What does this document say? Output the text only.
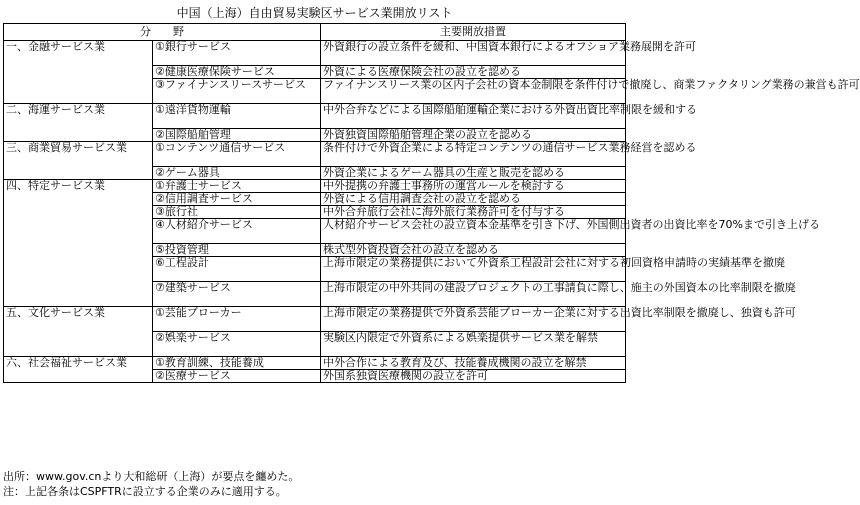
中国（上海）自由貿易実験区サービス業開放リスト
分　　野		主要開放措置
一、金融サービス業	①銀行サービス	外資銀行の設立条件を緩和、中国資本銀行によるオフショア業務展開を許可
	②健康医療保険サービス	外資による医療保険会社の設立を認める
	③ファイナンスリースサービス	ファイナンスリース業の区内子会社の資本金制限を条件付けで撤廃し、商業ファクタリング業務の兼営も許可
二、海運サービス業	①遠洋貨物運輸	中外合弁などによる国際船舶運輸企業における外資出資比率制限を緩和する
	②国際船舶管理	外資独資国際船舶管理企業の設立を認める
三、商業貿易サービス業	①コンテンツ通信サービス	条件付けで外資企業による特定コンテンツの通信サービス業務経営を認める
	②ゲーム器具	外資企業によるゲーム器具の生産と販売を認める
四、特定サービス業	①弁護士サービス	中外提携の弁護士事務所の運営ルールを検討する
	②信用調査サービス	外資による信用調査会社の設立を認める
	③旅行社	中外合弁旅行会社に海外旅行業務許可を付与する
	④人材紹介サービス	人材紹介サービス会社の設立資本金基準を引き下げ、外国側出資者の出資比率を70%まで引き上げる
	⑤投資管理	株式型外資投資会社の設立を認める
	⑥工程設計	上海市限定の業務提供において外資系工程設計会社に対する初回資格申請時の実績基準を撤廃
	⑦建築サービス	上海市限定の中外共同の建設プロジェクトの工事請負に際し、施主の外国資本の比率制限を撤廃
五、文化サービス業	①芸能ブローカー	上海市限定の業務提供で外資系芸能ブローカー企業に対する出資比率制限を撤廃し、独資も許可
	②娯楽サービス	実験区内限定で外資系による娯楽提供サービス業を解禁
六、社会福祉サービス業	①教育訓練、技能養成	中外合作による教育及び、技能養成機関の設立を解禁
	②医療サービス	外国系独資医療機関の設立を許可
出所：www.gov.cnより大和総研（上海）が要点を纏めた。
注：上記各条はCSPFTRに設立する企業のみに適用する。
